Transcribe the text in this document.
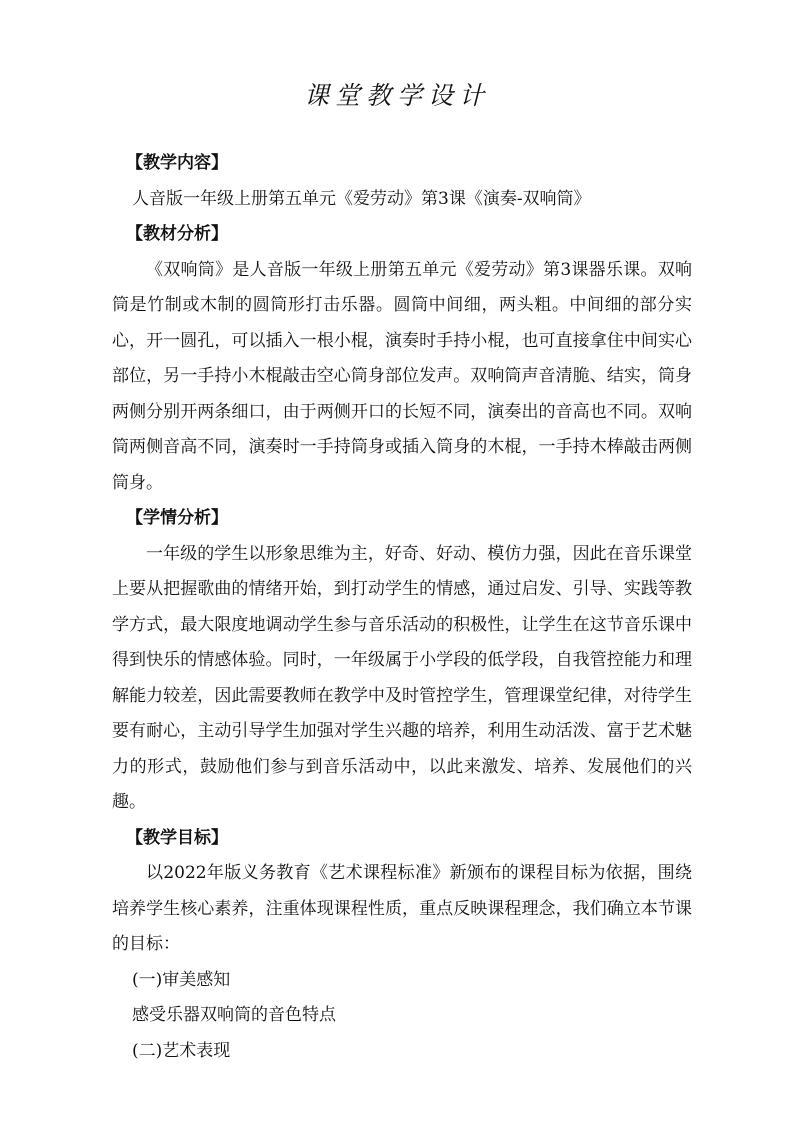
课堂教学设计

【教学内容】

人音版一年级上册第五单元《爱劳动》第3课《演奏-双响筒》

【教材分析】

《双响筒》是人音版一年级上册第五单元《爱劳动》第3课器乐课。双响筒是竹制或木制的圆筒形打击乐器。圆筒中间细，两头粗。中间细的部分实心，开一圆孔，可以插入一根小棍，演奏时手持小棍，也可直接拿住中间实心部位，另一手持小木棍敲击空心筒身部位发声。双响筒声音清脆、结实，筒身两侧分别开两条细口，由于两侧开口的长短不同，演奏出的音高也不同。双响筒两侧音高不同，演奏时一手持筒身或插入筒身的木棍，一手持木棒敲击两侧筒身。

【学情分析】

一年级的学生以形象思维为主，好奇、好动、模仿力强，因此在音乐课堂上要从把握歌曲的情绪开始，到打动学生的情感，通过启发、引导、实践等教学方式，最大限度地调动学生参与音乐活动的积极性，让学生在这节音乐课中得到快乐的情感体验。同时，一年级属于小学段的低学段，自我管控能力和理解能力较差，因此需要教师在教学中及时管控学生，管理课堂纪律，对待学生要有耐心，主动引导学生加强对学生兴趣的培养，利用生动活泼、富于艺术魅力的形式，鼓励他们参与到音乐活动中，以此来激发、培养、发展他们的兴趣。

【教学目标】

以2022年版义务教育《艺术课程标准》新颁布的课程目标为依据，围绕培养学生核心素养，注重体现课程性质，重点反映课程理念，我们确立本节课的目标：

(一)审美感知

感受乐器双响筒的音色特点

(二)艺术表现
